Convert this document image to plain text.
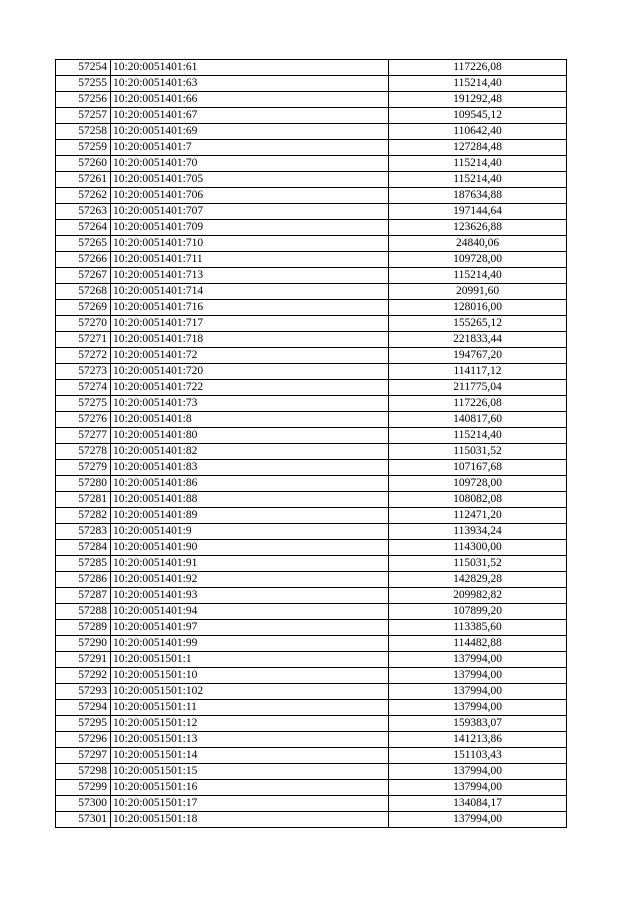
57254	10:20:0051401:61	117226,08
57255	10:20:0051401:63	115214,40
57256	10:20:0051401:66	191292,48
57257	10:20:0051401:67	109545,12
57258	10:20:0051401:69	110642,40
57259	10:20:0051401:7	127284,48
57260	10:20:0051401:70	115214,40
57261	10:20:0051401:705	115214,40
57262	10:20:0051401:706	187634,88
57263	10:20:0051401:707	197144,64
57264	10:20:0051401:709	123626,88
57265	10:20:0051401:710	24840,06
57266	10:20:0051401:711	109728,00
57267	10:20:0051401:713	115214,40
57268	10:20:0051401:714	20991,60
57269	10:20:0051401:716	128016,00
57270	10:20:0051401:717	155265,12
57271	10:20:0051401:718	221833,44
57272	10:20:0051401:72	194767,20
57273	10:20:0051401:720	114117,12
57274	10:20:0051401:722	211775,04
57275	10:20:0051401:73	117226,08
57276	10:20:0051401:8	140817,60
57277	10:20:0051401:80	115214,40
57278	10:20:0051401:82	115031,52
57279	10:20:0051401:83	107167,68
57280	10:20:0051401:86	109728,00
57281	10:20:0051401:88	108082,08
57282	10:20:0051401:89	112471,20
57283	10:20:0051401:9	113934,24
57284	10:20:0051401:90	114300,00
57285	10:20:0051401:91	115031,52
57286	10:20:0051401:92	142829,28
57287	10:20:0051401:93	209982,82
57288	10:20:0051401:94	107899,20
57289	10:20:0051401:97	113385,60
57290	10:20:0051401:99	114482,88
57291	10:20:0051501:1	137994,00
57292	10:20:0051501:10	137994,00
57293	10:20:0051501:102	137994,00
57294	10:20:0051501:11	137994,00
57295	10:20:0051501:12	159383,07
57296	10:20:0051501:13	141213,86
57297	10:20:0051501:14	151103,43
57298	10:20:0051501:15	137994,00
57299	10:20:0051501:16	137994,00
57300	10:20:0051501:17	134084,17
57301	10:20:0051501:18	137994,00
